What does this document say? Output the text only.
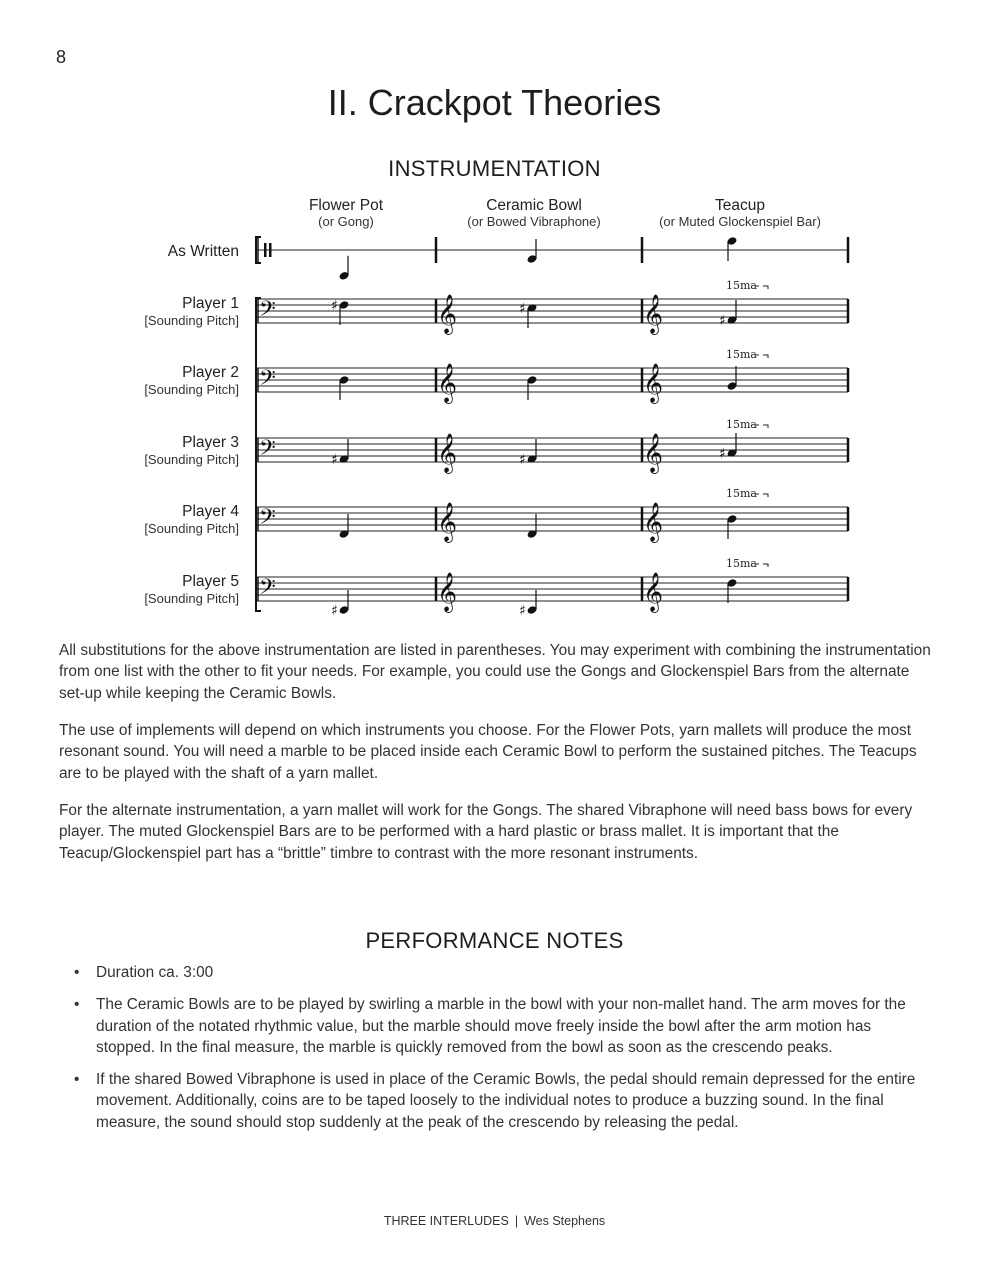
8
II. Crackpot Theories
INSTRUMENTATION
Flower Pot
(or Gong)
Ceramic Bowl
(or Bowed Vibraphone)
Teacup
(or Muted Glockenspiel Bar)
As Written
Player 1
[Sounding Pitch]
Player 2
[Sounding Pitch]
Player 3
[Sounding Pitch]
Player 4
[Sounding Pitch]
Player 5
[Sounding Pitch]
𝄢	𝄞	𝄞
𝄢	𝄞	𝄞
𝄢	𝄞	𝄞
𝄢	𝄞	𝄞
𝄢	𝄞	𝄞
♯	♯
♯
15ma
15ma
♯	♯	♯
15ma
15ma
♯	♯
15ma
All substitutions for the above instrumentation are listed in parentheses. You may experiment with combining the instrumentation from one list with the other to fit your needs. For example, you could use the Gongs and Glockenspiel Bars from the alternate set-up while keeping the Ceramic Bowls.
The use of implements will depend on which instruments you choose. For the Flower Pots, yarn mallets will produce the most resonant sound. You will need a marble to be placed inside each Ceramic Bowl to perform the sustained pitches. The Teacups are to be played with the shaft of a yarn mallet.
For the alternate instrumentation, a yarn mallet will work for the Gongs. The shared Vibraphone will need bass bows for every player. The muted Glockenspiel Bars are to be performed with a hard plastic or brass mallet. It is important that the Teacup/Glockenspiel part has a “brittle” timbre to contrast with the more resonant instruments.
PERFORMANCE NOTES
• Duration ca. 3:00
• The Ceramic Bowls are to be played by swirling a marble in the bowl with your non-mallet hand. The arm moves for the duration of the notated rhythmic value, but the marble should move freely inside the bowl after the arm motion has stopped. In the final measure, the marble is quickly removed from the bowl as soon as the crescendo peaks.
• If the shared Bowed Vibraphone is used in place of the Ceramic Bowls, the pedal should remain depressed for the entire movement. Additionally, coins are to be taped loosely to the individual notes to produce a buzzing sound. In the final measure, the sound should stop suddenly at the peak of the crescendo by releasing the pedal.
THREE INTERLUDES | Wes Stephens
